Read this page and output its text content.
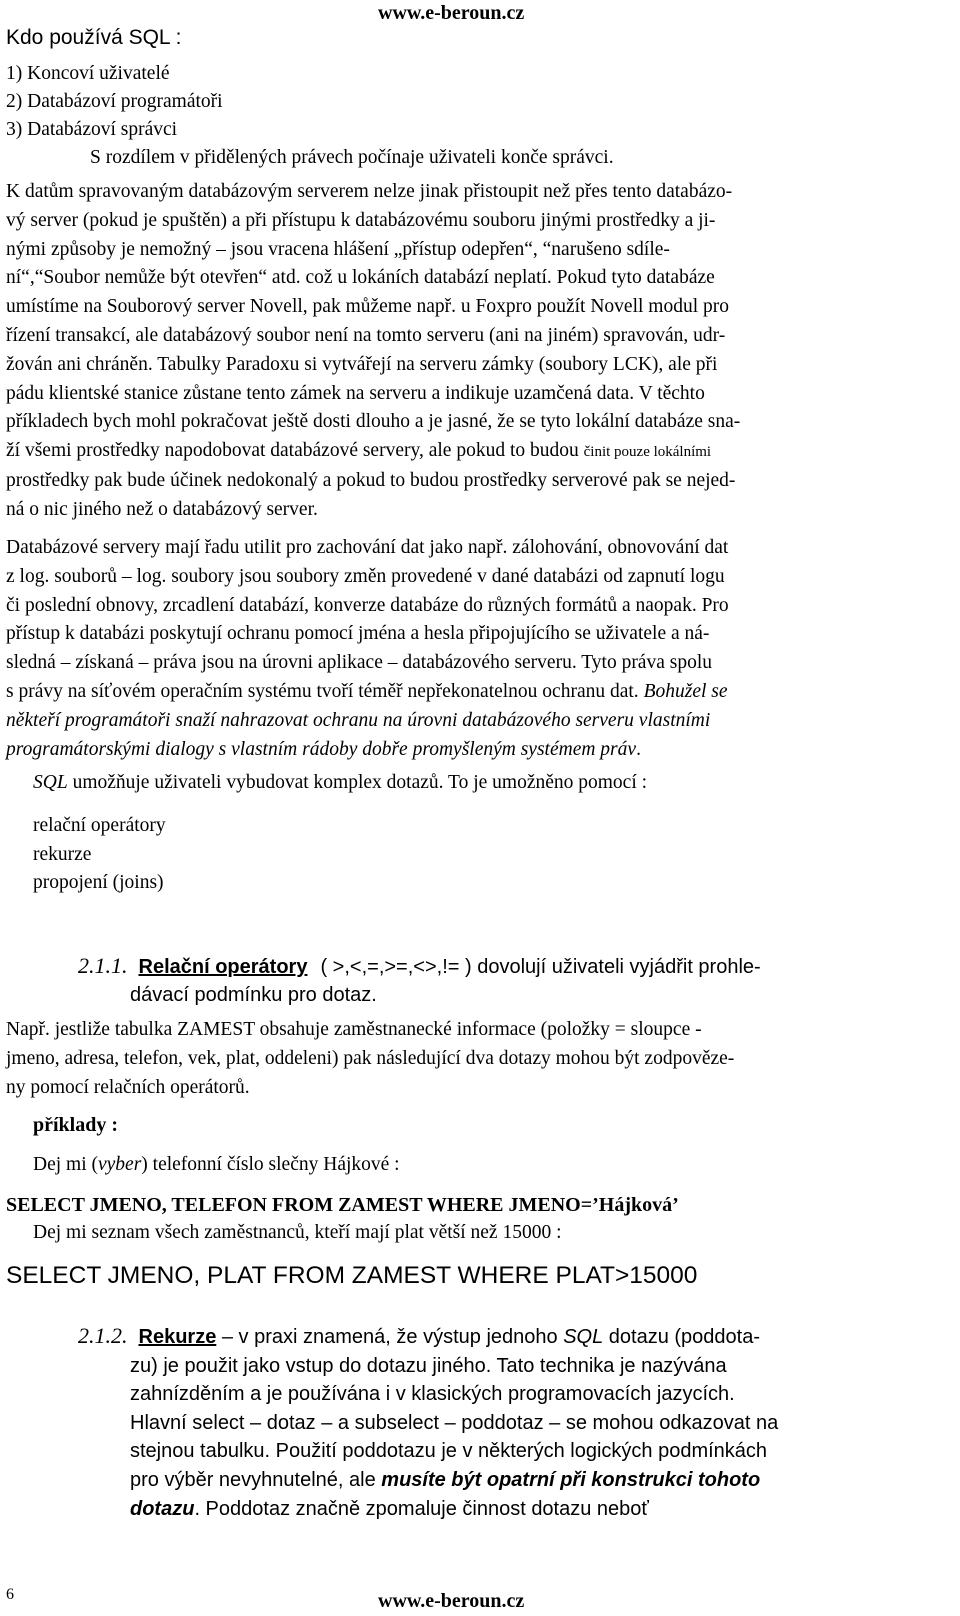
www.e-beroun.cz
Kdo používá SQL :
1) Koncoví uživatelé
2) Databázoví programátoři
3) Databázoví správci
S rozdílem v přidělených právech počínaje uživateli konče správci.
K datům spravovaným databázovým serverem nelze jinak přistoupit než přes tento databázo-
vý server (pokud je spuštěn) a při přístupu k databázovému souboru jinými prostředky a ji-
nými způsoby je nemožný – jsou vracena hlášení „přístup odepřen“, “narušeno sdíle-
ní“,“Soubor nemůže být otevřen“ atd. což u lokáních databází neplatí. Pokud tyto databáze
umístíme na Souborový server Novell, pak můžeme např. u Foxpro použít Novell modul pro
řízení transakcí, ale databázový soubor není na tomto serveru (ani na jiném) spravován, udr-
žován ani chráněn. Tabulky Paradoxu si vytvářejí na serveru zámky (soubory LCK), ale při
pádu klientské stanice zůstane tento zámek na serveru a indikuje uzamčená data. V těchto
příkladech bych mohl pokračovat ještě dosti dlouho a je jasné, že se tyto lokální databáze sna-
ží všemi prostředky napodobovat databázové servery, ale pokud to budou činit pouze lokálními
prostředky pak bude účinek nedokonalý a pokud to budou prostředky serverové pak se nejed-
ná o nic jiného než o databázový server.
Databázové servery mají řadu utilit pro zachování dat jako např. zálohování, obnovování dat
z log. souborů – log. soubory jsou soubory změn provedené v dané databázi od zapnutí logu
či poslední obnovy, zrcadlení databází, konverze databáze do různých formátů a naopak. Pro
přístup k databázi poskytují ochranu pomocí jména a hesla připojujícího se uživatele a ná-
sledná – získaná – práva jsou na úrovni aplikace – databázového serveru. Tyto práva spolu
s právy na síťovém operačním systému tvoří téměř nepřekonatelnou ochranu dat. Bohužel se
někteří programátoři snaží nahrazovat ochranu na úrovni databázového serveru vlastními
programátorskými dialogy s vlastním rádoby dobře promyšleným systémem práv.
SQL umožňuje uživateli vybudovat komplex dotazů. To je umožněno pomocí :
relační operátory
rekurze
propojení (joins)
2.1.1. Relační operátory ( >,<,=,>=,<>,!= ) dovolují uživateli vyjádřit prohle-
dávací podmínku pro dotaz.
Např. jestliže tabulka ZAMEST obsahuje zaměstnanecké informace (položky = sloupce -
jmeno, adresa, telefon, vek, plat, oddeleni) pak následující dva dotazy mohou být zodpověze-
ny pomocí relačních operátorů.
příklady :
Dej mi (vyber) telefonní číslo slečny Hájkové :
SELECT JMENO, TELEFON FROM ZAMEST WHERE JMENO=’Hájková’
Dej mi seznam všech zaměstnanců, kteří mají plat větší než 15000 :
SELECT JMENO, PLAT FROM ZAMEST WHERE PLAT>15000
2.1.2. Rekurze – v praxi znamená, že výstup jednoho SQL dotazu (poddota-
zu) je použit jako vstup do dotazu jiného. Tato technika je nazývána
zahnízděním a je používána i v klasických programovacích jazycích.
Hlavní select – dotaz – a subselect – poddotaz – se mohou odkazovat na
stejnou tabulku. Použití poddotazu je v některých logických podmínkách
pro výběr nevyhnutelné, ale musíte být opatrní při konstrukci tohoto
dotazu. Poddotaz značně zpomaluje činnost dotazu neboť
6	www.e-beroun.cz
